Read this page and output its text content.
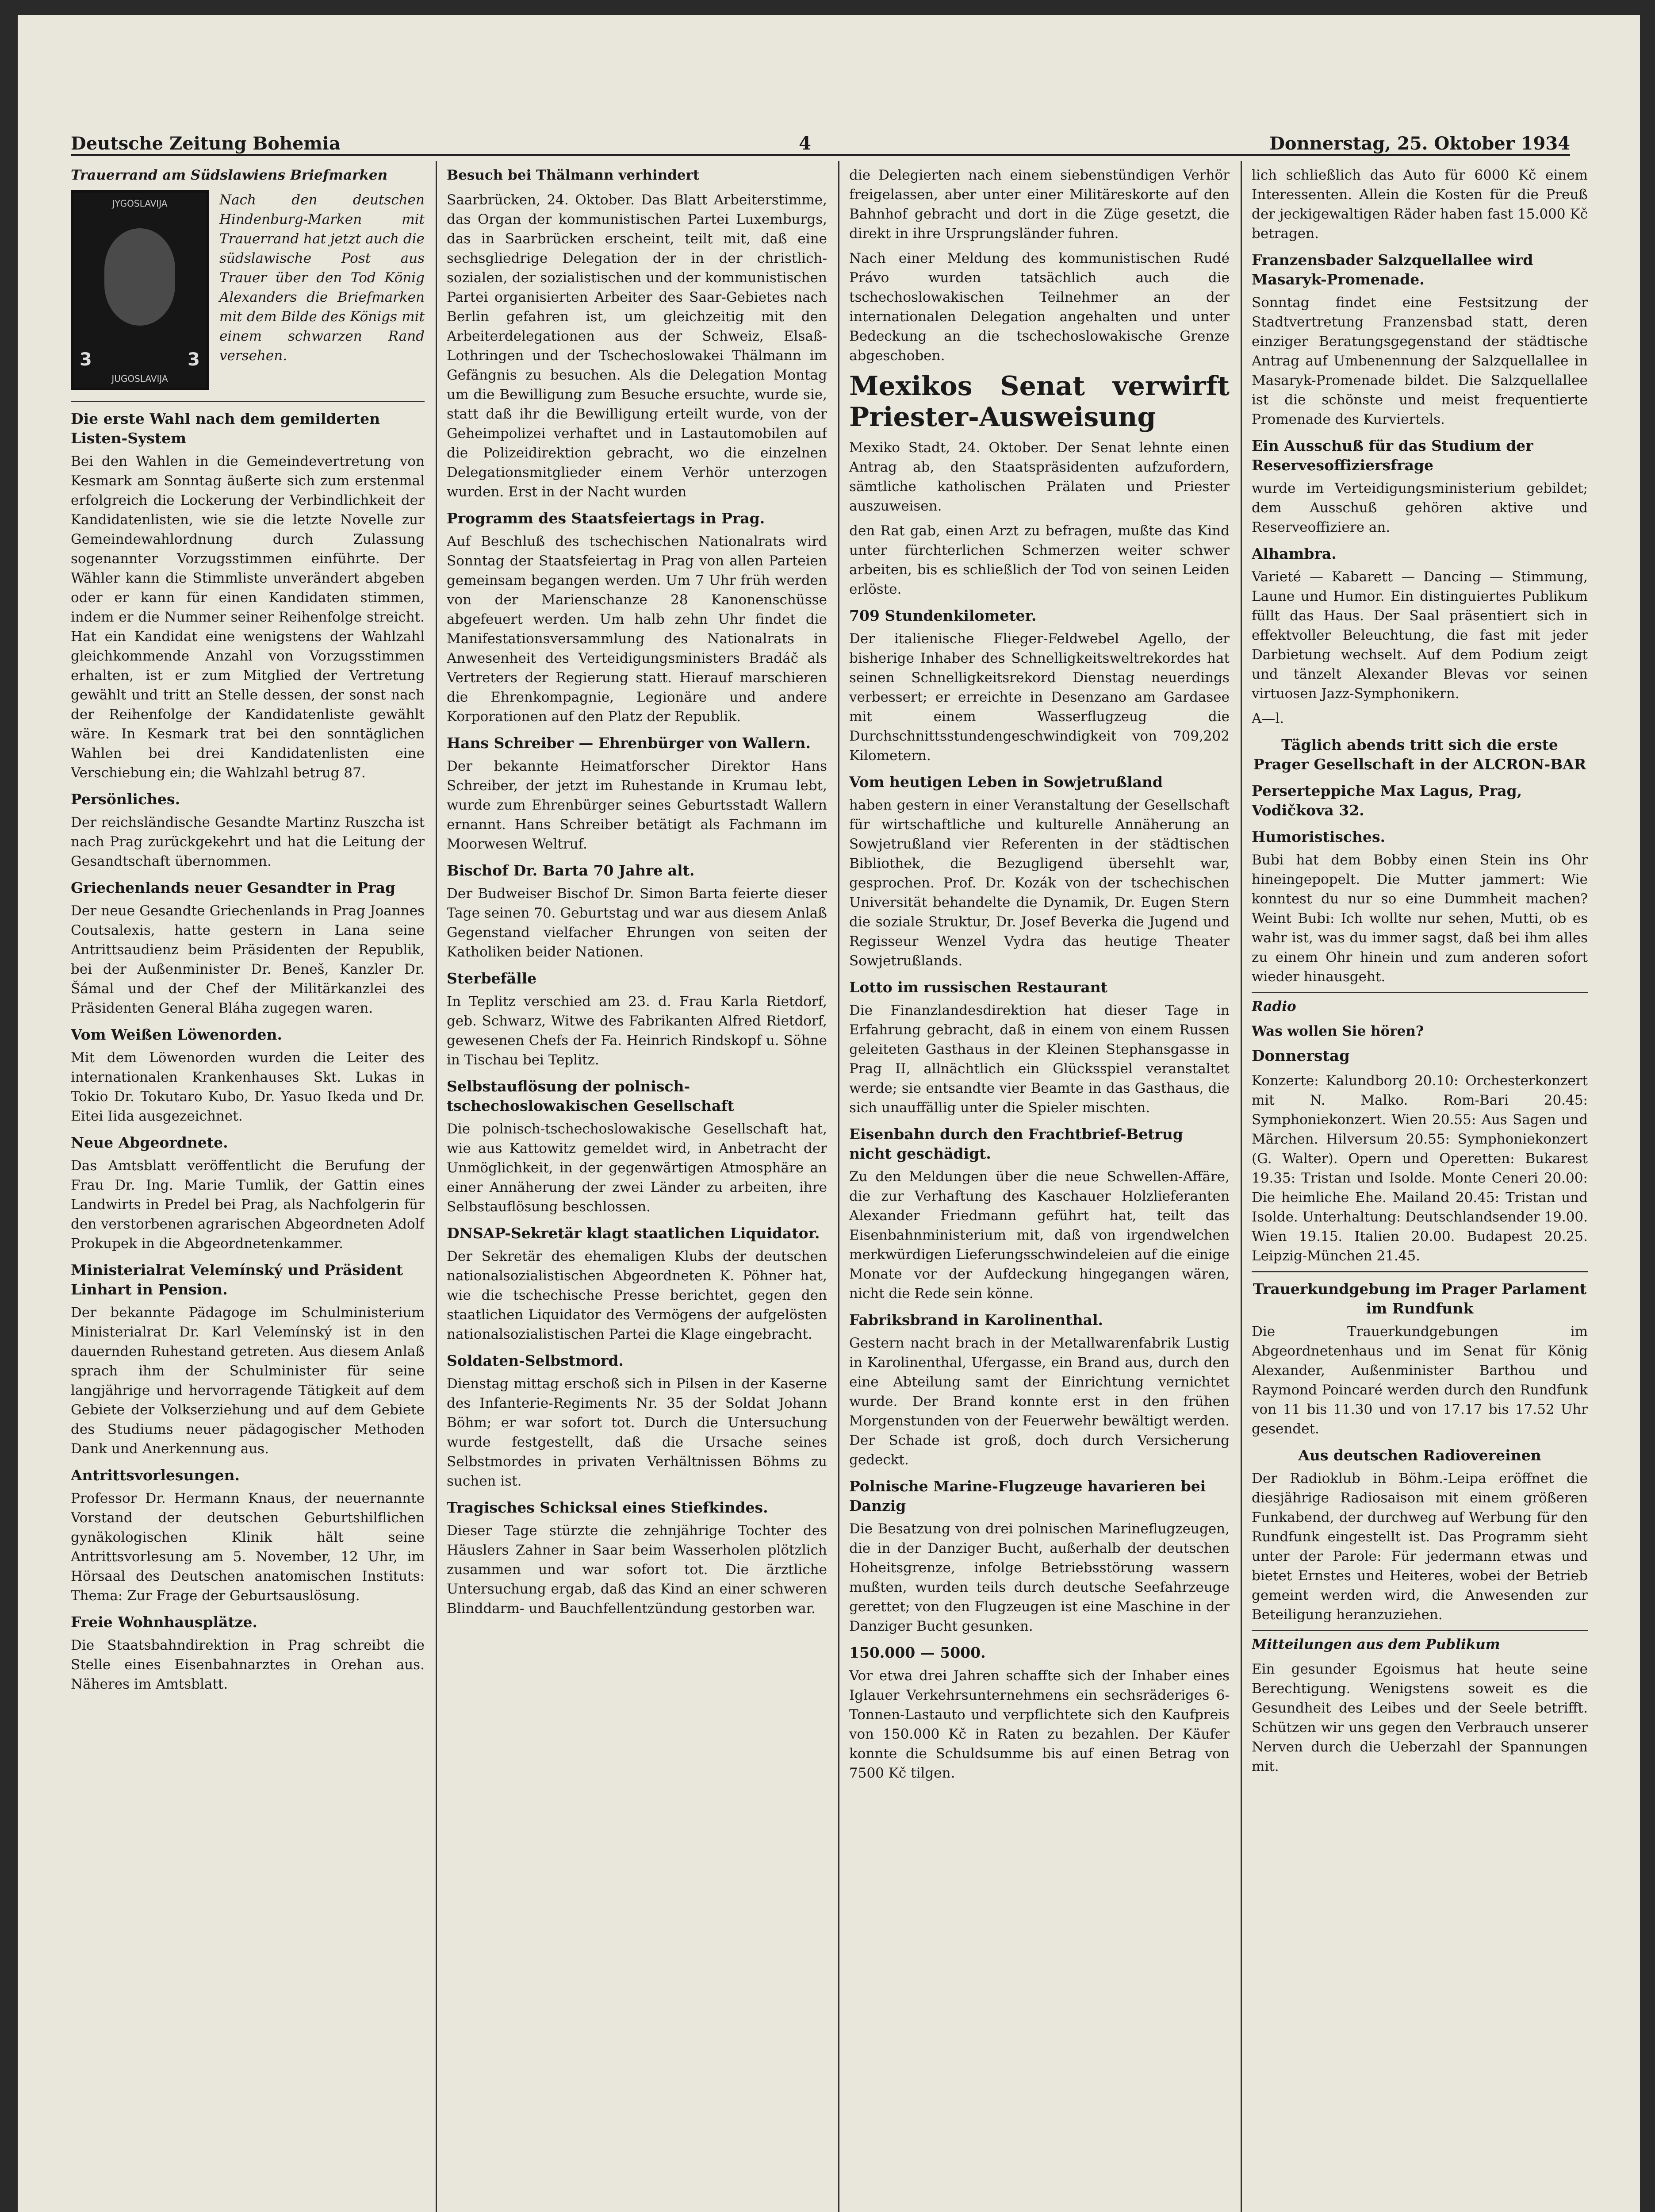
Deutsche Zeitung Bohemia	4	Donnerstag, 25. Oktober 1934

Trauerrand am Südslawiens Briefmarken

JYGOSLAVIJA
3	3
JUGOSLAVIJA

Nach den deutschen Hindenburg-Marken mit Trauerrand hat jetzt auch die südslawische Post aus Trauer über den Tod König Alexanders die Briefmarken mit dem Bilde des Königs mit einem schwarzen Rand versehen.

Die erste Wahl nach dem gemilderten Listen-System

Bei den Wahlen in die Gemeindevertretung von Kesmark am Sonntag äußerte sich zum erstenmal erfolgreich die Lockerung der Verbindlichkeit der Kandidatenlisten, wie sie die letzte Novelle zur Gemeindewahlordnung durch Zulassung sogenannter Vorzugsstimmen einführte. Der Wähler kann die Stimmliste unverändert abgeben oder er kann für einen Kandidaten stimmen, indem er die Nummer seiner Reihenfolge streicht. Hat ein Kandidat eine wenigstens der Wahlzahl gleichkommende Anzahl von Vorzugsstimmen erhalten, ist er zum Mitglied der Vertretung gewählt und tritt an Stelle dessen, der sonst nach der Reihenfolge der Kandidatenliste gewählt wäre. In Kesmark trat bei den sonntäglichen Wahlen bei drei Kandidatenlisten eine Verschiebung ein; die Wahlzahl betrug 87.

Persönliches.

Der reichsländische Gesandte Martinz Ruszcha ist nach Prag zurückgekehrt und hat die Leitung der Gesandtschaft übernommen.

Griechenlands neuer Gesandter in Prag

Der neue Gesandte Griechenlands in Prag Joannes Coutsalexis, hatte gestern in Lana seine Antrittsaudienz beim Präsidenten der Republik, bei der Außenminister Dr. Beneš, Kanzler Dr. Šámal und der Chef der Militärkanzlei des Präsidenten General Bláha zugegen waren.

Vom Weißen Löwenorden.

Mit dem Löwenorden wurden die Leiter des internationalen Krankenhauses Skt. Lukas in Tokio Dr. Tokutaro Kubo, Dr. Yasuo Ikeda und Dr. Eitei Iida ausgezeichnet.

Neue Abgeordnete.

Das Amtsblatt veröffentlicht die Berufung der Frau Dr. Ing. Marie Tumlik, der Gattin eines Landwirts in Predel bei Prag, als Nachfolgerin für den verstorbenen agrarischen Abgeordneten Adolf Prokupek in die Abgeordnetenkammer.

Ministerialrat Velemínský und Präsident Linhart in Pension.

Der bekannte Pädagoge im Schulministerium Ministerialrat Dr. Karl Velemínský ist in den dauernden Ruhestand getreten. Aus diesem Anlaß sprach ihm der Schulminister für seine langjährige und hervorragende Tätigkeit auf dem Gebiete der Volkserziehung und auf dem Gebiete des Studiums neuer pädagogischer Methoden Dank und Anerkennung aus.

Antrittsvorlesungen.

Professor Dr. Hermann Knaus, der neuernannte Vorstand der deutschen Geburtshilflichen gynäkologischen Klinik hält seine Antrittsvorlesung am 5. November, 12 Uhr, im Hörsaal des Deutschen anatomischen Instituts: Thema: Zur Frage der Geburtsauslösung.

Freie Wohnhausplätze.

Die Staatsbahndirektion in Prag schreibt die Stelle eines Eisenbahnarztes in Orehan aus. Näheres im Amtsblatt.

Besuch bei Thälmann verhindert

Saarbrücken, 24. Oktober. Das Blatt Arbeiterstimme, das Organ der kommunistischen Partei Luxemburgs, das in Saarbrücken erscheint, teilt mit, daß eine sechsgliedrige Delegation der in der christlich-sozialen, der sozialistischen und der kommunistischen Partei organisierten Arbeiter des Saar-Gebietes nach Berlin gefahren ist, um gleichzeitig mit den Arbeiterdelegationen aus der Schweiz, Elsaß-Lothringen und der Tschechoslowakei Thälmann im Gefängnis zu besuchen. Als die Delegation Montag um die Bewilligung zum Besuche ersuchte, wurde sie, statt daß ihr die Bewilligung erteilt wurde, von der Geheimpolizei verhaftet und in Lastautomobilen auf die Polizeidirektion gebracht, wo die einzelnen Delegationsmitglieder einem Verhör unterzogen wurden. Erst in der Nacht wurden

Programm des Staatsfeiertags in Prag.

Auf Beschluß des tschechischen Nationalrats wird Sonntag der Staatsfeiertag in Prag von allen Parteien gemeinsam begangen werden. Um 7 Uhr früh werden von der Marienschanze 28 Kanonenschüsse abgefeuert werden. Um halb zehn Uhr findet die Manifestationsversammlung des Nationalrats in Anwesenheit des Verteidigungsministers Bradáč als Vertreters der Regierung statt. Hierauf marschieren die Ehrenkompagnie, Legionäre und andere Korporationen auf den Platz der Republik.

Hans Schreiber — Ehrenbürger von Wallern.

Der bekannte Heimatforscher Direktor Hans Schreiber, der jetzt im Ruhestande in Krumau lebt, wurde zum Ehrenbürger seines Geburtsstadt Wallern ernannt. Hans Schreiber betätigt als Fachmann im Moorwesen Weltruf.

Bischof Dr. Barta 70 Jahre alt.

Der Budweiser Bischof Dr. Simon Barta feierte dieser Tage seinen 70. Geburtstag und war aus diesem Anlaß Gegenstand vielfacher Ehrungen von seiten der Katholiken beider Nationen.

Sterbefälle

In Teplitz verschied am 23. d. Frau Karla Rietdorf, geb. Schwarz, Witwe des Fabrikanten Alfred Rietdorf, gewesenen Chefs der Fa. Heinrich Rindskopf u. Söhne in Tischau bei Teplitz.

Selbstauflösung der polnisch-tschechoslowakischen Gesellschaft

Die polnisch-tschechoslowakische Gesellschaft hat, wie aus Kattowitz gemeldet wird, in Anbetracht der Unmöglichkeit, in der gegenwärtigen Atmosphäre an einer Annäherung der zwei Länder zu arbeiten, ihre Selbstauflösung beschlossen.

DNSAP-Sekretär klagt staatlichen Liquidator.

Der Sekretär des ehemaligen Klubs der deutschen nationalsozialistischen Abgeordneten K. Pöhner hat, wie die tschechische Presse berichtet, gegen den staatlichen Liquidator des Vermögens der aufgelösten nationalsozialistischen Partei die Klage eingebracht.

Soldaten-Selbstmord.

Dienstag mittag erschoß sich in Pilsen in der Kaserne des Infanterie-Regiments Nr. 35 der Soldat Johann Böhm; er war sofort tot. Durch die Untersuchung wurde festgestellt, daß die Ursache seines Selbstmordes in privaten Verhältnissen Böhms zu suchen ist.

Tragisches Schicksal eines Stiefkindes.

Dieser Tage stürzte die zehnjährige Tochter des Häuslers Zahner in Saar beim Wasserholen plötzlich zusammen und war sofort tot. Die ärztliche Untersuchung ergab, daß das Kind an einer schweren Blinddarm- und Bauchfellentzündung gestorben war.

die Delegierten nach einem siebenstündigen Verhör freigelassen, aber unter einer Militäreskorte auf den Bahnhof gebracht und dort in die Züge gesetzt, die direkt in ihre Ursprungsländer fuhren.

Nach einer Meldung des kommunistischen Rudé Právo wurden tatsächlich auch die tschechoslowakischen Teilnehmer an der internationalen Delegation angehalten und unter Bedeckung an die tschechoslowakische Grenze abgeschoben.

Mexikos Senat verwirft Priester-Ausweisung

Mexiko Stadt, 24. Oktober. Der Senat lehnte einen Antrag ab, den Staatspräsidenten aufzufordern, sämtliche katholischen Prälaten und Priester auszuweisen.

den Rat gab, einen Arzt zu befragen, mußte das Kind unter fürchterlichen Schmerzen weiter schwer arbeiten, bis es schließlich der Tod von seinen Leiden erlöste.

709 Stundenkilometer.

Der italienische Flieger-Feldwebel Agello, der bisherige Inhaber des Schnelligkeitsweltrekordes hat seinen Schnelligkeitsrekord Dienstag neuerdings verbessert; er erreichte in Desenzano am Gardasee mit einem Wasserflugzeug die Durchschnittsstundengeschwindigkeit von 709,202 Kilometern.

Vom heutigen Leben in Sowjetrußland

haben gestern in einer Veranstaltung der Gesellschaft für wirtschaftliche und kulturelle Annäherung an Sowjetrußland vier Referenten in der städtischen Bibliothek, die Bezugligend übersehlt war, gesprochen. Prof. Dr. Kozák von der tschechischen Universität behandelte die Dynamik, Dr. Eugen Stern die soziale Struktur, Dr. Josef Beverka die Jugend und Regisseur Wenzel Vydra das heutige Theater Sowjetrußlands.

Lotto im russischen Restaurant

Die Finanzlandesdirektion hat dieser Tage in Erfahrung gebracht, daß in einem von einem Russen geleiteten Gasthaus in der Kleinen Stephansgasse in Prag II, allnächtlich ein Glücksspiel veranstaltet werde; sie entsandte vier Beamte in das Gasthaus, die sich unauffällig unter die Spieler mischten.

Eisenbahn durch den Frachtbrief-Betrug nicht geschädigt.

Zu den Meldungen über die neue Schwellen-Affäre, die zur Verhaftung des Kaschauer Holzlieferanten Alexander Friedmann geführt hat, teilt das Eisenbahnministerium mit, daß von irgendwelchen merkwürdigen Lieferungsschwindeleien auf die einige Monate vor der Aufdeckung hingegangen wären, nicht die Rede sein könne.

Fabriksbrand in Karolinenthal.

Gestern nacht brach in der Metallwarenfabrik Lustig in Karolinenthal, Ufergasse, ein Brand aus, durch den eine Abteilung samt der Einrichtung vernichtet wurde. Der Brand konnte erst in den frühen Morgenstunden von der Feuerwehr bewältigt werden. Der Schade ist groß, doch durch Versicherung gedeckt.

Polnische Marine-Flugzeuge havarieren bei Danzig

Die Besatzung von drei polnischen Marineflugzeugen, die in der Danziger Bucht, außerhalb der deutschen Hoheitsgrenze, infolge Betriebsstörung wassern mußten, wurden teils durch deutsche Seefahrzeuge gerettet; von den Flugzeugen ist eine Maschine in der Danziger Bucht gesunken.

150.000 — 5000.

Vor etwa drei Jahren schaffte sich der Inhaber eines Iglauer Verkehrsunternehmens ein sechsräderiges 6-Tonnen-Lastauto und verpflichtete sich den Kaufpreis von 150.000 Kč in Raten zu bezahlen. Der Käufer konnte die Schuldsumme bis auf einen Betrag von 7500 Kč tilgen.

lich schließlich das Auto für 6000 Kč einem Interessenten. Allein die Kosten für die Preuß der jeckigewaltigen Räder haben fast 15.000 Kč betragen.

Franzensbader Salzquellallee wird Masaryk-Promenade.

Sonntag findet eine Festsitzung der Stadtvertretung Franzensbad statt, deren einziger Beratungsgegenstand der städtische Antrag auf Umbenennung der Salzquellallee in Masaryk-Promenade bildet. Die Salzquellallee ist die schönste und meist frequentierte Promenade des Kurviertels.

Ein Ausschuß für das Studium der Reservesoffiziersfrage

wurde im Verteidigungsministerium gebildet; dem Ausschuß gehören aktive und Reserveoffiziere an.

Alhambra.

Varieté — Kabarett — Dancing — Stimmung, Laune und Humor. Ein distinguiertes Publikum füllt das Haus. Der Saal präsentiert sich in effektvoller Beleuchtung, die fast mit jeder Darbietung wechselt. Auf dem Podium zeigt und tänzelt Alexander Blevas vor seinen virtuosen Jazz-Symphonikern.

A—l.

Täglich abends tritt sich die erste Prager Gesellschaft in der ALCRON-BAR
Perserteppiche Max Lagus, Prag, Vodičkova 32.
Humoristisches.

Bubi hat dem Bobby einen Stein ins Ohr hineingepopelt. Die Mutter jammert: Wie konntest du nur so eine Dummheit machen? Weint Bubi: Ich wollte nur sehen, Mutti, ob es wahr ist, was du immer sagst, daß bei ihm alles zu einem Ohr hinein und zum anderen sofort wieder hinausgeht.

Radio

Was wollen Sie hören?

Donnerstag

Konzerte: Kalundborg 20.10: Orchesterkonzert mit N. Malko. Rom-Bari 20.45: Symphoniekonzert. Wien 20.55: Aus Sagen und Märchen. Hilversum 20.55: Symphoniekonzert (G. Walter). Opern und Operetten: Bukarest 19.35: Tristan und Isolde. Monte Ceneri 20.00: Die heimliche Ehe. Mailand 20.45: Tristan und Isolde. Unterhaltung: Deutschlandsender 19.00. Wien 19.15. Italien 20.00. Budapest 20.25. Leipzig-München 21.45.

Trauerkundgebung im Prager Parlament im Rundfunk

Die Trauerkundgebungen im Abgeordnetenhaus und im Senat für König Alexander, Außenminister Barthou und Raymond Poincaré werden durch den Rundfunk von 11 bis 11.30 und von 17.17 bis 17.52 Uhr gesendet.

Aus deutschen Radiovereinen

Der Radioklub in Böhm.-Leipa eröffnet die diesjährige Radiosaison mit einem größeren Funkabend, der durchweg auf Werbung für den Rundfunk eingestellt ist. Das Programm sieht unter der Parole: Für jedermann etwas und bietet Ernstes und Heiteres, wobei der Betrieb gemeint werden wird, die Anwesenden zur Beteiligung heranzuziehen.

Mitteilungen aus dem Publikum

Ein gesunder Egoismus hat heute seine Berechtigung. Wenigstens soweit es die Gesundheit des Leibes und der Seele betrifft. Schützen wir uns gegen den Verbrauch unserer Nerven durch die Ueberzahl der Spannungen mit.
